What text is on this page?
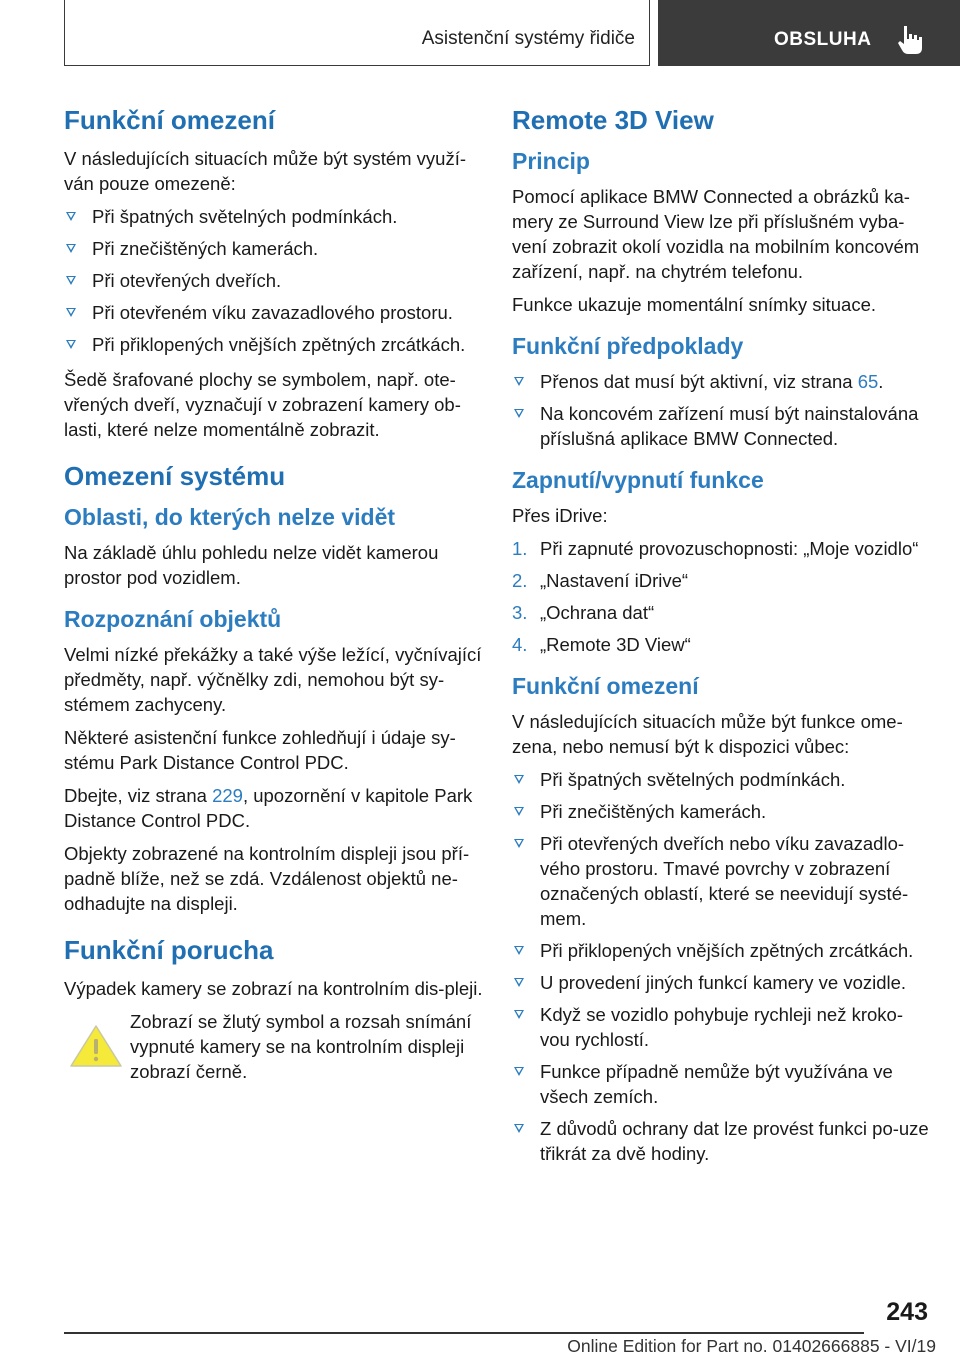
Asistenční systémy řidiče	OBSLUHA
Funkční omezení

V následujících situacích může být systém využí-ván pouze omezeně:

Při špatných světelných podmínkách.
Při znečištěných kamerách.
Při otevřených dveřích.
Při otevřeném víku zavazadlového prostoru.
Při přiklopených vnějších zpětných zrcátkách.

Šedě šrafované plochy se symbolem, např. ote-vřených dveří, vyznačují v zobrazení kamery ob-lasti, které nelze momentálně zobrazit.

Omezení systému
Oblasti, do kterých nelze vidět

Na základě úhlu pohledu nelze vidět kamerou prostor pod vozidlem.

Rozpoznání objektů

Velmi nízké překážky a také výše ležící, vyčnívající předměty, např. výčnělky zdi, nemohou být sy-stémem zachyceny.

Některé asistenční funkce zohledňují i údaje sy-stému Park Distance Control PDC.

Dbejte, viz strana 229, upozornění v kapitole Park Distance Control PDC.

Objekty zobrazené na kontrolním displeji jsou pří-padně blíže, než se zdá. Vzdálenost objektů ne-odhadujte na displeji.

Funkční porucha

Výpadek kamery se zobrazí na kontrolním dis-pleji.

Zobrazí se žlutý symbol a rozsah snímání vypnuté kamery se na kontrolním displeji zobrazí černě.

Remote 3D View
Princip

Pomocí aplikace BMW Connected a obrázků ka-mery ze Surround View lze při příslušném vyba-vení zobrazit okolí vozidla na mobilním koncovém zařízení, např. na chytrém telefonu.

Funkce ukazuje momentální snímky situace.

Funkční předpoklady
Přenos dat musí být aktivní, viz strana 65.
Na koncovém zařízení musí být nainstalována příslušná aplikace BMW Connected.
Zapnutí/vypnutí funkce

Přes iDrive:

1. Při zapnuté provozuschopnosti: „Moje vozidlo“
2. „Nastavení iDrive“
3. „Ochrana dat“
4. „Remote 3D View“
Funkční omezení

V následujících situacích může být funkce ome-zena, nebo nemusí být k dispozici vůbec:

Při špatných světelných podmínkách.
Při znečištěných kamerách.
Při otevřených dveřích nebo víku zavazadlo-vého prostoru. Tmavé povrchy v zobrazení označených oblastí, které se neevidují systé-mem.
Při přiklopených vnějších zpětných zrcátkách.
U provedení jiných funkcí kamery ve vozidle.
Když se vozidlo pohybuje rychleji než kroko-vou rychlostí.
Funkce případně nemůže být využívána ve všech zemích.
Z důvodů ochrany dat lze provést funkci po-uze třikrát za dvě hodiny.
243
Online Edition for Part no. 01402666885 - VI/19
